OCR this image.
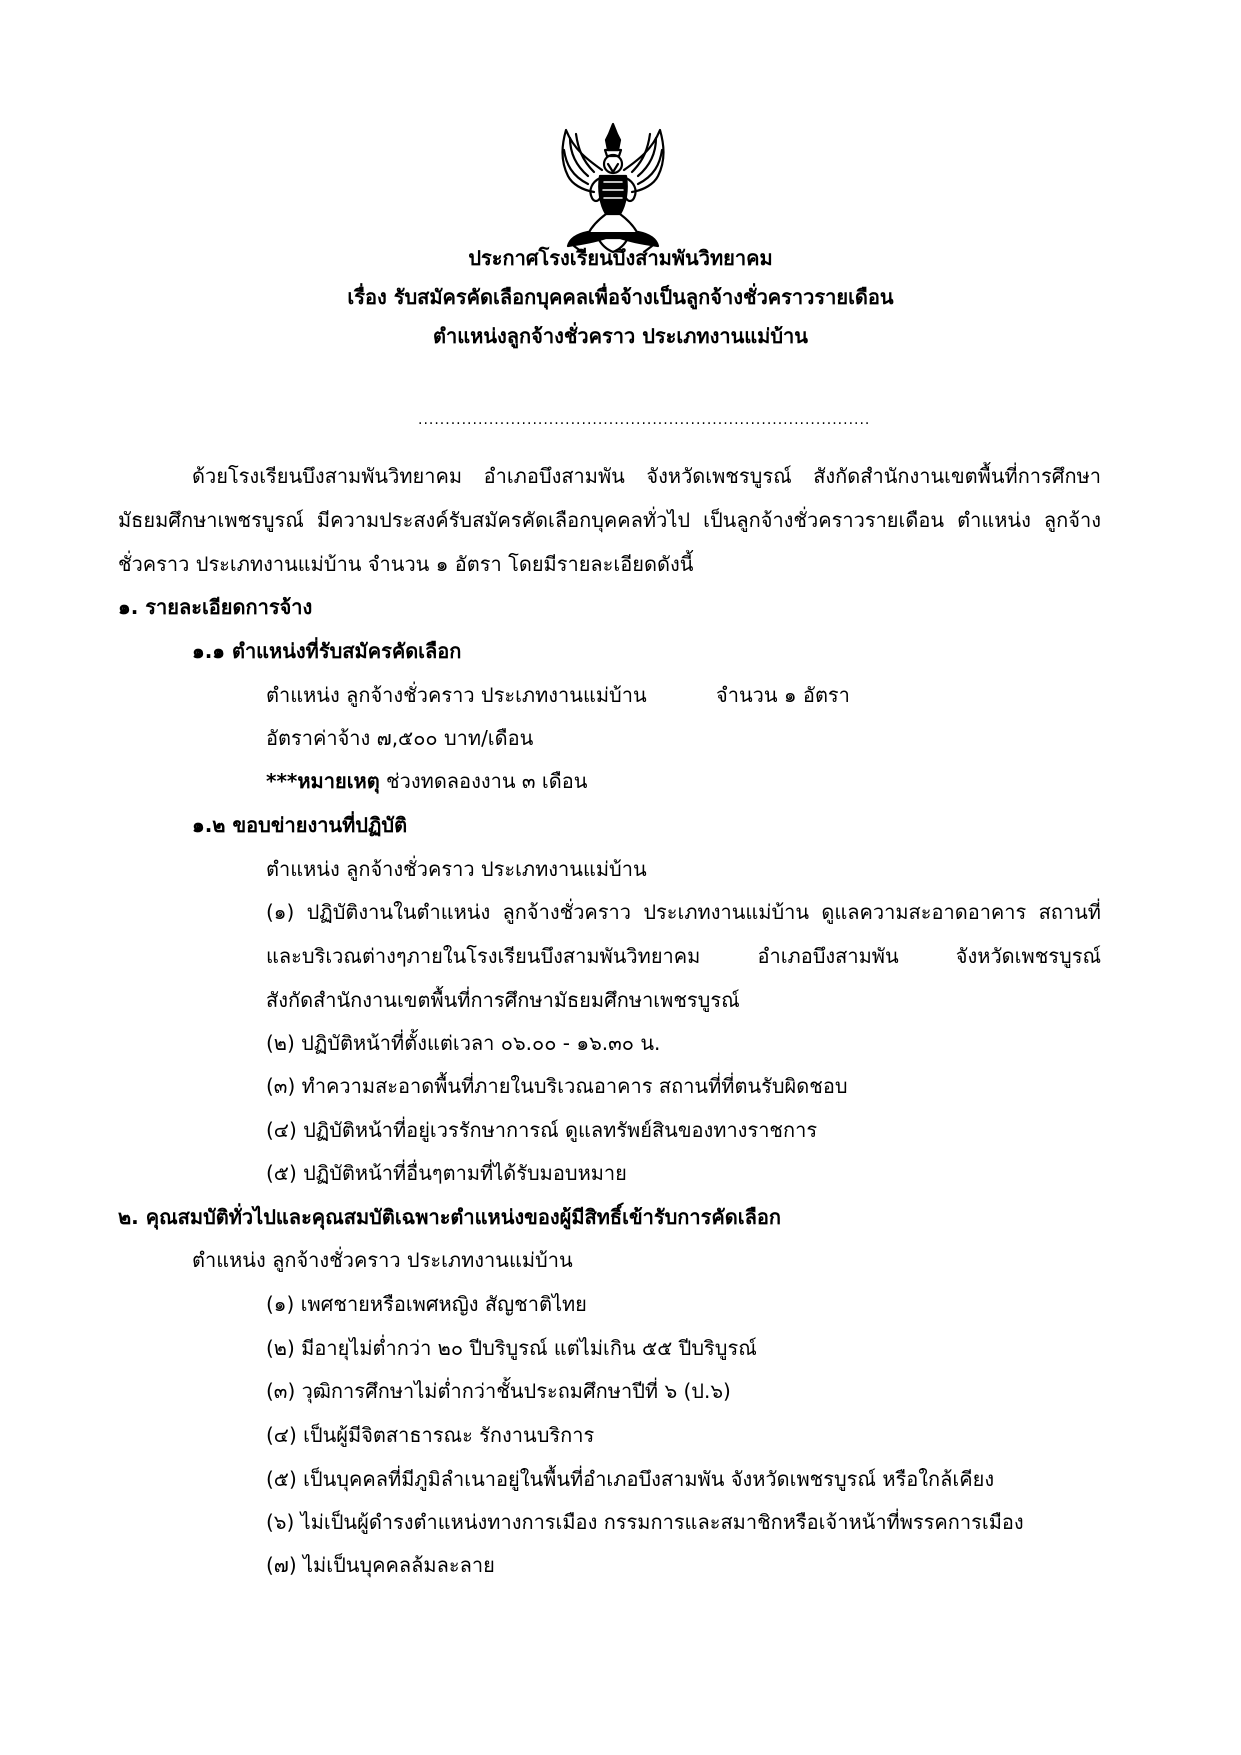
ประกาศโรงเรียนบึงสามพันวิทยาคม
เรื่อง รับสมัครคัดเลือกบุคคลเพื่อจ้างเป็นลูกจ้างชั่วคราวรายเดือน
ตำแหน่งลูกจ้างชั่วคราว ประเภทงานแม่บ้าน
...................................................................................
ด้วยโรงเรียนบึงสามพันวิทยาคม อำเภอบึงสามพัน จังหวัดเพชรบูรณ์ สังกัดสำนักงานเขตพื้นที่การศึกษา
มัธยมศึกษาเพชรบูรณ์ มีความประสงค์รับสมัครคัดเลือกบุคคลทั่วไป เป็นลูกจ้างชั่วคราวรายเดือน ตำแหน่ง ลูกจ้าง
ชั่วคราว ประเภทงานแม่บ้าน จำนวน ๑ อัตรา โดยมีรายละเอียดดังนี้
๑. รายละเอียดการจ้าง
๑.๑ ตำแหน่งที่รับสมัครคัดเลือก
ตำแหน่ง ลูกจ้างชั่วคราว ประเภทงานแม่บ้าน	จำนวน ๑ อัตรา
อัตราค่าจ้าง ๗,๕๐๐ บาท/เดือน
***หมายเหตุ ช่วงทดลองงาน ๓ เดือน
๑.๒ ขอบข่ายงานที่ปฏิบัติ
ตำแหน่ง ลูกจ้างชั่วคราว ประเภทงานแม่บ้าน
(๑) ปฏิบัติงานในตำแหน่ง ลูกจ้างชั่วคราว ประเภทงานแม่บ้าน ดูแลความสะอาดอาคาร สถานที่
และบริเวณต่างๆภายในโรงเรียนบึงสามพันวิทยาคม อำเภอบึงสามพัน จังหวัดเพชรบูรณ์
สังกัดสำนักงานเขตพื้นที่การศึกษามัธยมศึกษาเพชรบูรณ์
(๒) ปฏิบัติหน้าที่ตั้งแต่เวลา ๐๖.๐๐ - ๑๖.๓๐ น.
(๓) ทำความสะอาดพื้นที่ภายในบริเวณอาคาร สถานที่ที่ตนรับผิดชอบ
(๔) ปฏิบัติหน้าที่อยู่เวรรักษาการณ์ ดูแลทรัพย์สินของทางราชการ
(๕) ปฏิบัติหน้าที่อื่นๆตามที่ได้รับมอบหมาย
๒. คุณสมบัติทั่วไปและคุณสมบัติเฉพาะตำแหน่งของผู้มีสิทธิ์เข้ารับการคัดเลือก
ตำแหน่ง ลูกจ้างชั่วคราว ประเภทงานแม่บ้าน
(๑) เพศชายหรือเพศหญิง สัญชาติไทย
(๒) มีอายุไม่ต่ำกว่า ๒๐ ปีบริบูรณ์ แต่ไม่เกิน ๕๕ ปีบริบูรณ์
(๓) วุฒิการศึกษาไม่ต่ำกว่าชั้นประถมศึกษาปีที่ ๖ (ป.๖)
(๔) เป็นผู้มีจิตสาธารณะ รักงานบริการ
(๕) เป็นบุคคลที่มีภูมิลำเนาอยู่ในพื้นที่อำเภอบึงสามพัน จังหวัดเพชรบูรณ์ หรือใกล้เคียง
(๖) ไม่เป็นผู้ดำรงตำแหน่งทางการเมือง กรรมการและสมาชิกหรือเจ้าหน้าที่พรรคการเมือง
(๗) ไม่เป็นบุคคลล้มละลาย
